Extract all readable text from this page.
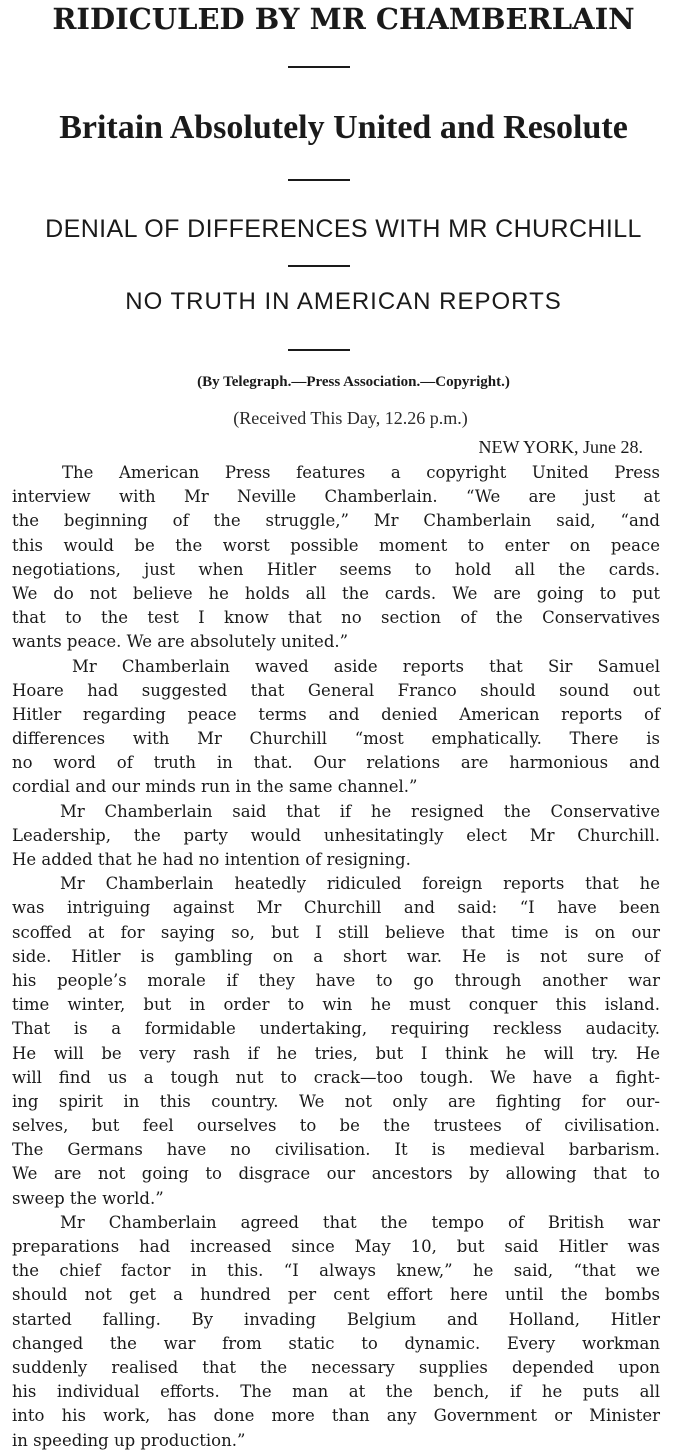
RIDICULED BY MR CHAMBERLAIN
Britain Absolutely United and Resolute
DENIAL OF DIFFERENCES WITH MR CHURCHILL
NO TRUTH IN AMERICAN REPORTS
(By Telegraph.—Press Association.—Copyright.)
(Received This Day, 12.26 p.m.)
NEW YORK, June 28.
The American Press features a copyright United Press
interview with Mr Neville Chamberlain. “We are just at
the beginning of the struggle,” Mr Chamberlain said, “and
this would be the worst possible moment to enter on peace
negotiations, just when Hitler seems to hold all the cards.
We do not believe he holds all the cards. We are going to put
that to the test I know that no section of the Conservatives
wants peace. We are absolutely united.”
Mr Chamberlain waved aside reports that Sir Samuel
Hoare had suggested that General Franco should sound out
Hitler regarding peace terms and denied American reports of
differences with Mr Churchill “most emphatically. There is
no word of truth in that. Our relations are harmonious and
cordial and our minds run in the same channel.”
Mr Chamberlain said that if he resigned the Conservative
Leadership, the party would unhesitatingly elect Mr Churchill.
He added that he had no intention of resigning.
Mr Chamberlain heatedly ridiculed foreign reports that he
was intriguing against Mr Churchill and said: “I have been
scoffed at for saying so, but I still believe that time is on our
side. Hitler is gambling on a short war. He is not sure of
his people’s morale if they have to go through another war
time winter, but in order to win he must conquer this island.
That is a formidable undertaking, requiring reckless audacity.
He will be very rash if he tries, but I think he will try. He
will find us a tough nut to crack—too tough. We have a fight-
ing spirit in this country. We not only are fighting for our-
selves, but feel ourselves to be the trustees of civilisation.
The Germans have no civilisation. It is medieval barbarism.
We are not going to disgrace our ancestors by allowing that to
sweep the world.”
Mr Chamberlain agreed that the tempo of British war
preparations had increased since May 10, but said Hitler was
the chief factor in this. “I always knew,” he said, “that we
should not get a hundred per cent effort here until the bombs
started falling. By invading Belgium and Holland, Hitler
changed the war from static to dynamic. Every workman
suddenly realised that the necessary supplies depended upon
his individual efforts. The man at the bench, if he puts all
into his work, has done more than any Government or Minister
in speeding up production.”
